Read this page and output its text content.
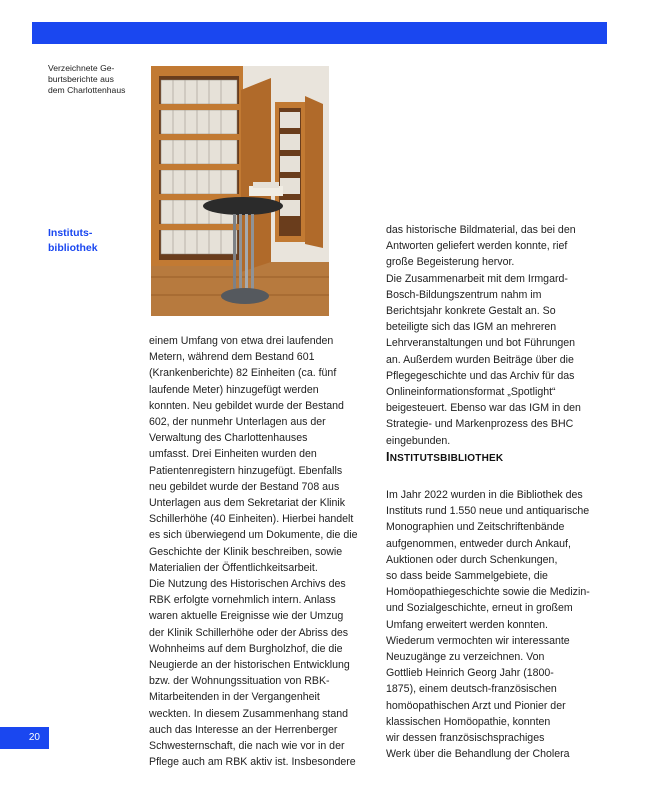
Verzeichnete Ge-
burtsberichte aus
dem Charlottenhaus
Instituts-
bibliothek

einem Umfang von etwa drei laufenden

Metern, während dem Bestand 601

(Krankenberichte) 82 Einheiten (ca. fünf

laufende Meter) hinzugefügt werden

konnten. Neu gebildet wurde der Bestand

602, der nunmehr Unterlagen aus der

Verwaltung des Charlottenhauses

umfasst. Drei Einheiten wurden den

Patientenregistern hinzugefügt. Ebenfalls

neu gebildet wurde der Bestand 708 aus

Unterlagen aus dem Sekretariat der Klinik

Schillerhöhe (40 Einheiten). Hierbei handelt

es sich überwiegend um Dokumente, die die

Geschichte der Klinik beschreiben, sowie

Materialien der Öffentlichkeitsarbeit.

Die Nutzung des Historischen Archivs des

RBK erfolgte vornehmlich intern. Anlass

waren aktuelle Ereignisse wie der Umzug

der Klinik Schillerhöhe oder der Abriss des

Wohnheims auf dem Burgholzhof, die die

Neugierde an der historischen Entwicklung

bzw. der Wohnungssituation von RBK-

Mitarbeitenden in der Vergangenheit

weckten. In diesem Zusammenhang stand

auch das Interesse an der Herrenberger

Schwesternschaft, die nach wie vor in der

Pflege auch am RBK aktiv ist. Insbesondere

das historische Bildmaterial, das bei den

Antworten geliefert werden konnte, rief

große Begeisterung hervor.

Die Zusammenarbeit mit dem Irmgard-

Bosch-Bildungszentrum nahm im

Berichtsjahr konkrete Gestalt an. So

beteiligte sich das IGM an mehreren

Lehrveranstaltungen und bot Führungen

an. Außerdem wurden Beiträge über die

Pflegegeschichte und das Archiv für das

Onlineinformationsformat „Spotlight“

beigesteuert. Ebenso war das IGM in den

Strategie- und Markenprozess des BHC

eingebunden.

INSTITUTSBIBLIOTHEK

Im Jahr 2022 wurden in die Bibliothek des

Instituts rund 1.550 neue und antiquarische

Monographien und Zeitschriftenbände

aufgenommen, entweder durch Ankauf,

Auktionen oder durch Schenkungen,

so dass beide Sammelgebiete, die

Homöopathiegeschichte sowie die Medizin-

und Sozialgeschichte, erneut in großem

Umfang erweitert werden konnten.

Wiederum vermochten wir interessante

Neuzugänge zu verzeichnen. Von

Gottlieb Heinrich Georg Jahr (1800-

1875), einem deutsch-französischen

homöopathischen Arzt und Pionier der

klassischen Homöopathie, konnten

wir dessen französischsprachiges

Werk über die Behandlung der Cholera

20
